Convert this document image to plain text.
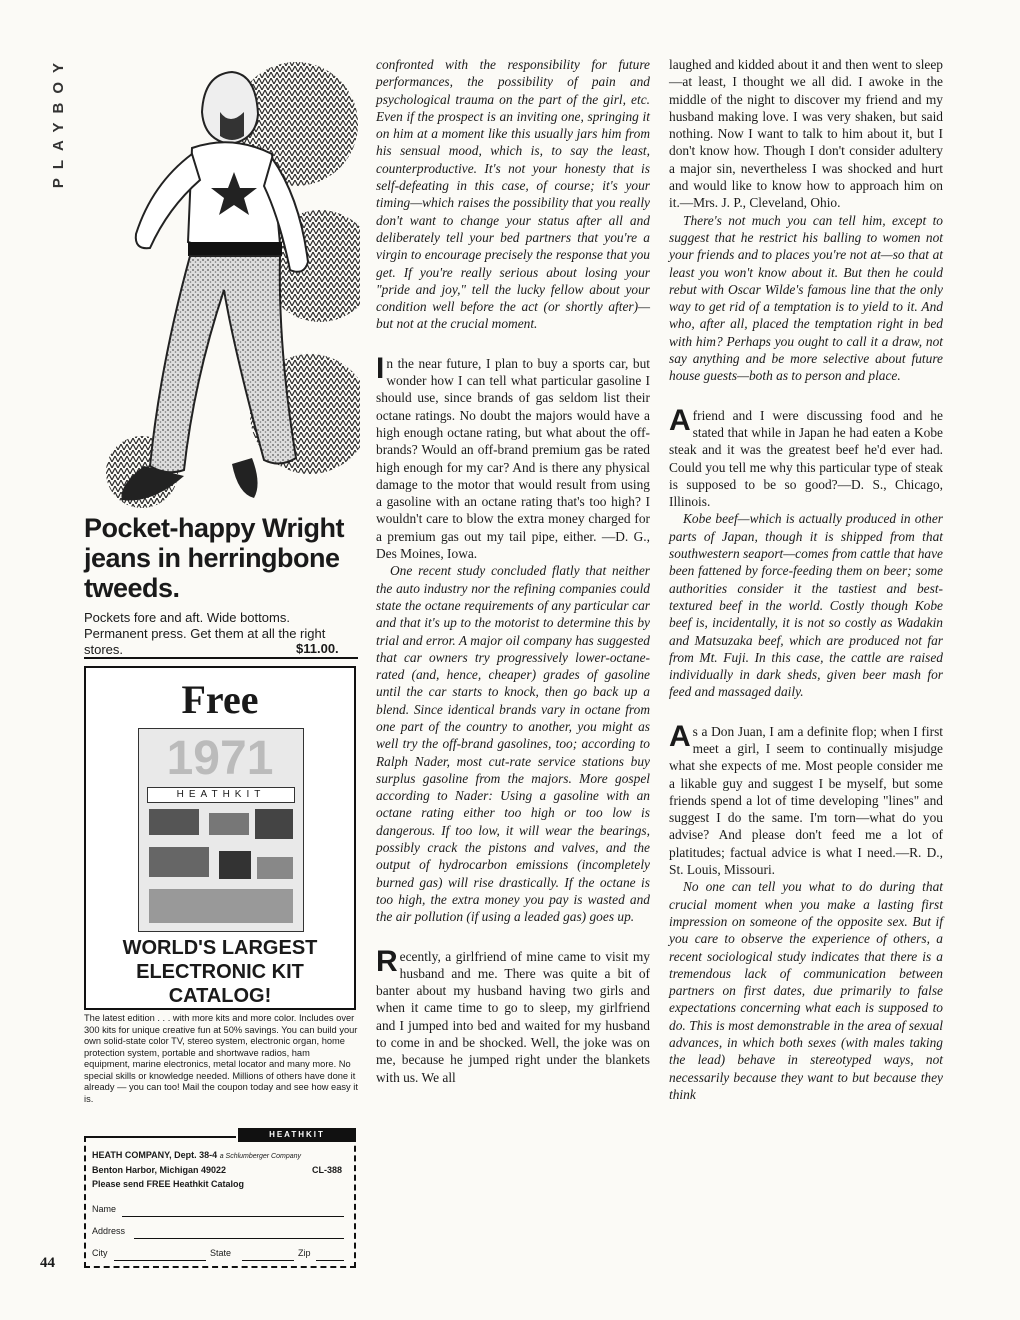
PLAYBOY
Pocket-happy Wright jeans in herringbone tweeds.
Pockets fore and aft. Wide bottoms. Permanent press. Get them at all the right stores.	$11.00.
Free
1971
HEATHKIT
WORLD'S LARGEST ELECTRONIC KIT CATALOG!
The latest edition . . . with more kits and more color. Includes over 300 kits for unique creative fun at 50% savings. You can build your own solid-state color TV, stereo system, electronic organ, home protection system, portable and shortwave radios, ham equipment, marine electronics, metal locator and many more. No special skills or knowledge needed. Millions of others have done it already — you can too! Mail the coupon today and see how easy it is.
HEATHKIT
HEATH COMPANY, Dept. 38-4 a Schlumberger Company
Benton Harbor, Michigan 49022	CL-388
Please send FREE Heathkit Catalog
Name
Address
City	State	Zip
44

confronted with the responsibility for future performances, the possibility of pain and psychological trauma on the part of the girl, etc. Even if the prospect is an inviting one, springing it on him at a moment like this usually jars him from his sensual mood, which is, to say the least, counterproductive. It's not your honesty that is self-defeating in this case, of course; it's your timing—which raises the possibility that you really don't want to change your status after all and deliberately tell your bed partners that you're a virgin to encourage precisely the response that you get. If you're really serious about losing your "pride and joy," tell the lucky fellow about your condition well before the act (or shortly after)—but not at the crucial moment.

In the near future, I plan to buy a sports car, but wonder how I can tell what particular gasoline I should use, since brands of gas seldom list their octane ratings. No doubt the majors would have a high enough octane rating, but what about the off-brands? Would an off-brand premium gas be rated high enough for my car? And is there any physical damage to the motor that would result from using a gasoline with an octane rating that's too high? I wouldn't care to blow the extra money charged for a premium gas out my tail pipe, either. —D. G., Des Moines, Iowa.

One recent study concluded flatly that neither the auto industry nor the refining companies could state the octane requirements of any particular car and that it's up to the motorist to determine this by trial and error. A major oil company has suggested that car owners try progressively lower-octane-rated (and, hence, cheaper) grades of gasoline until the car starts to knock, then go back up a blend. Since identical brands vary in octane from one part of the country to another, you might as well try the off-brand gasolines, too; according to Ralph Nader, most cut-rate service stations buy surplus gasoline from the majors. More gospel according to Nader: Using a gasoline with an octane rating either too high or too low is dangerous. If too low, it will wear the bearings, possibly crack the pistons and valves, and the output of hydrocarbon emissions (incompletely burned gas) will rise drastically. If the octane is too high, the extra money you pay is wasted and the air pollution (if using a leaded gas) goes up.

Recently, a girlfriend of mine came to visit my husband and me. There was quite a bit of banter about my husband having two girls and when it came time to go to sleep, my girlfriend and I jumped into bed and waited for my husband to come in and be shocked. Well, the joke was on me, because he jumped right under the blankets with us. We all

laughed and kidded about it and then went to sleep—at least, I thought we all did. I awoke in the middle of the night to discover my friend and my husband making love. I was very shaken, but said nothing. Now I want to talk to him about it, but I don't know how. Though I don't consider adultery a major sin, nevertheless I was shocked and hurt and would like to know how to approach him on it.—Mrs. J. P., Cleveland, Ohio.

There's not much you can tell him, except to suggest that he restrict his balling to women not your friends and to places you're not at—so that at least you won't know about it. But then he could rebut with Oscar Wilde's famous line that the only way to get rid of a temptation is to yield to it. And who, after all, placed the temptation right in bed with him? Perhaps you ought to call it a draw, not say anything and be more selective about future house guests—both as to person and place.

Afriend and I were discussing food and he stated that while in Japan he had eaten a Kobe steak and it was the greatest beef he'd ever had. Could you tell me why this particular type of steak is supposed to be so good?—D. S., Chicago, Illinois.

Kobe beef—which is actually produced in other parts of Japan, though it is shipped from that southwestern seaport—comes from cattle that have been fattened by force-feeding them on beer; some authorities consider it the tastiest and best-textured beef in the world. Costly though Kobe beef is, incidentally, it is not so costly as Wadakin and Matsuzaka beef, which are produced not far from Mt. Fuji. In this case, the cattle are raised individually in dark sheds, given beer mash for feed and massaged daily.

As a Don Juan, I am a definite flop; when I first meet a girl, I seem to continually misjudge what she expects of me. Most people consider me a likable guy and suggest I be myself, but some friends spend a lot of time developing "lines" and suggest I do the same. I'm torn—what do you advise? And please don't feed me a lot of platitudes; factual advice is what I need.—R. D., St. Louis, Missouri.

No one can tell you what to do during that crucial moment when you make a lasting first impression on someone of the opposite sex. But if you care to observe the experience of others, a recent sociological study indicates that there is a tremendous lack of communication between partners on first dates, due primarily to false expectations concerning what each is supposed to do. This is most demonstrable in the area of sexual advances, in which both sexes (with males taking the lead) behave in stereotyped ways, not necessarily because they want to but because they think
